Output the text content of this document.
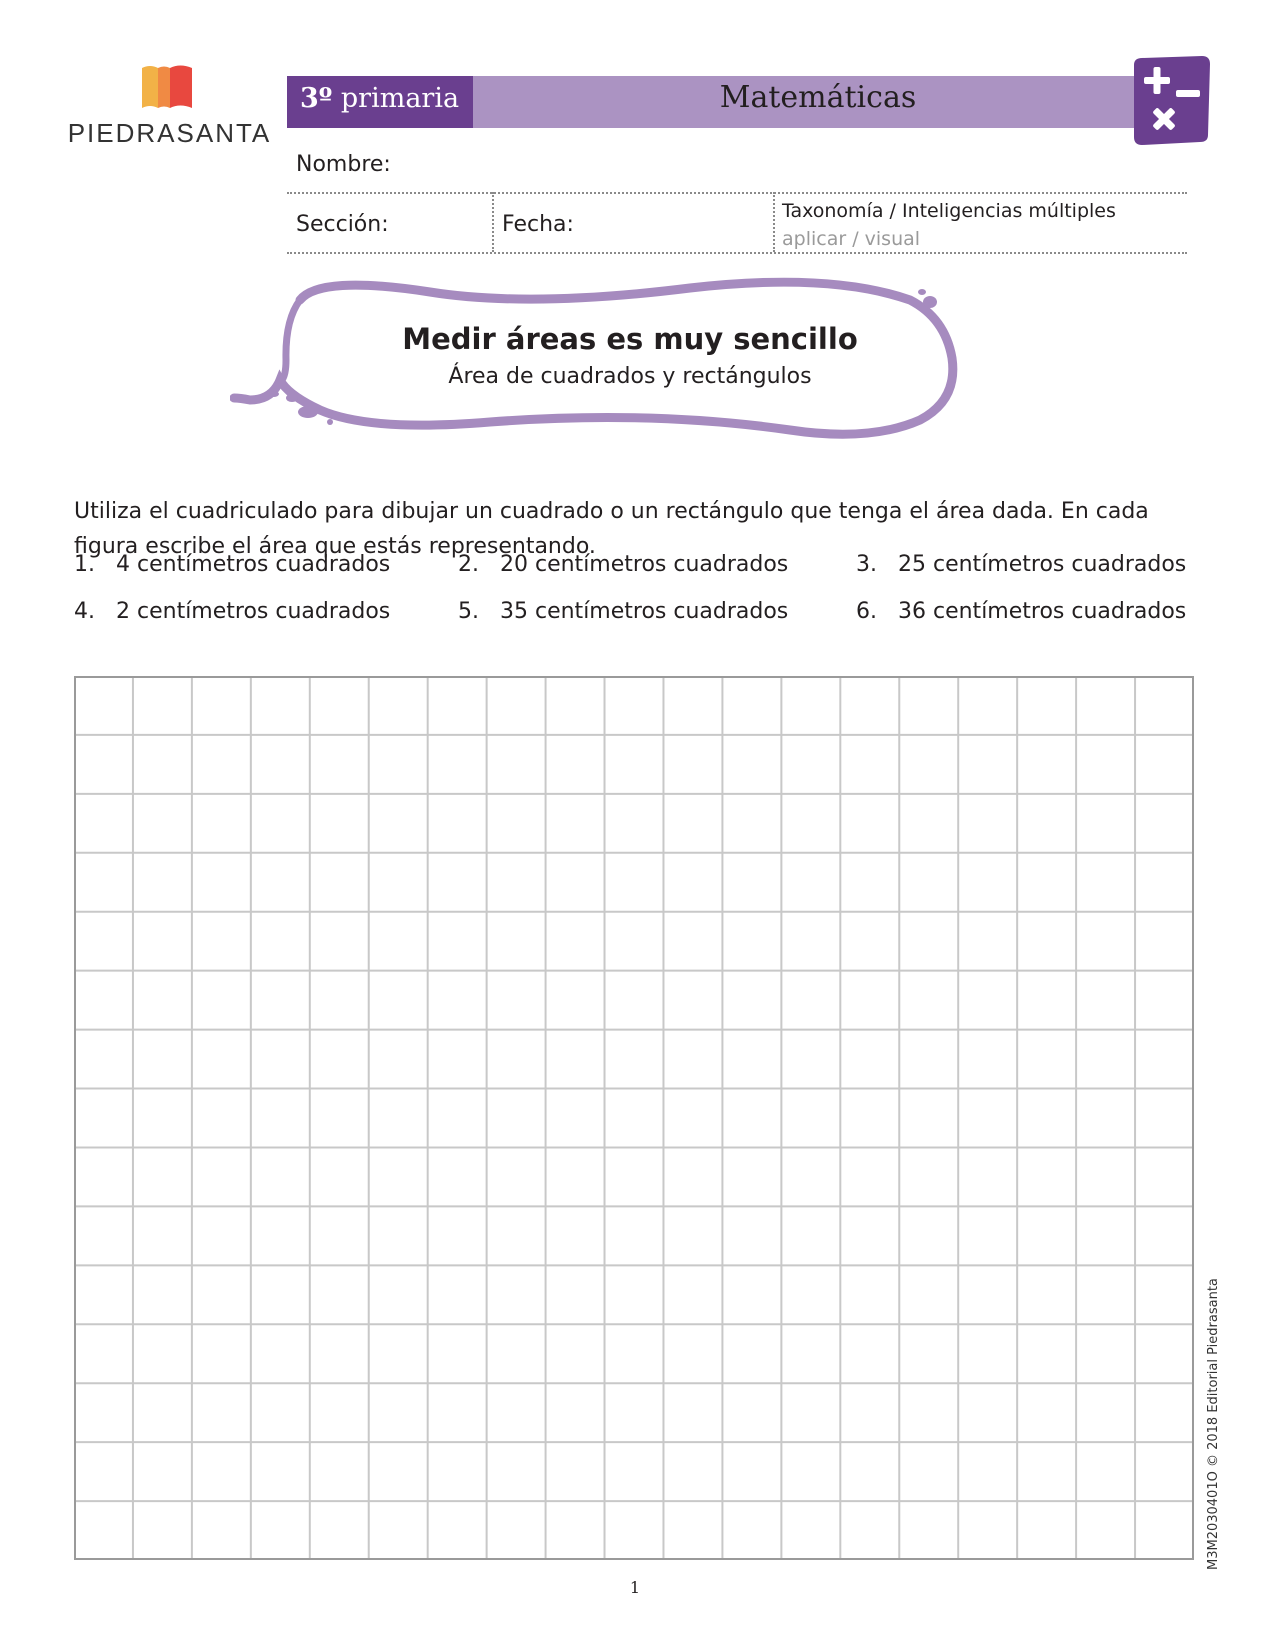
PIEDRASANTA
3º primaria	Matemáticas
Nombre:
Sección:	Fecha:
Taxonomía / Inteligencias múltiples
aplicar / visual
Medir áreas es muy sencillo
Área de cuadrados y rectángulos
Utiliza el cuadriculado para dibujar un cuadrado o un rectángulo que tenga el área dada. En cada figura escribe el área que estás representando.
1. 4 centímetros cuadrados	2. 20 centímetros cuadrados	3. 25 centímetros cuadrados
4. 2 centímetros cuadrados	5. 35 centímetros cuadrados	6. 36 centímetros cuadrados
M3M2030401O © 2018 Editorial Piedrasanta
1
